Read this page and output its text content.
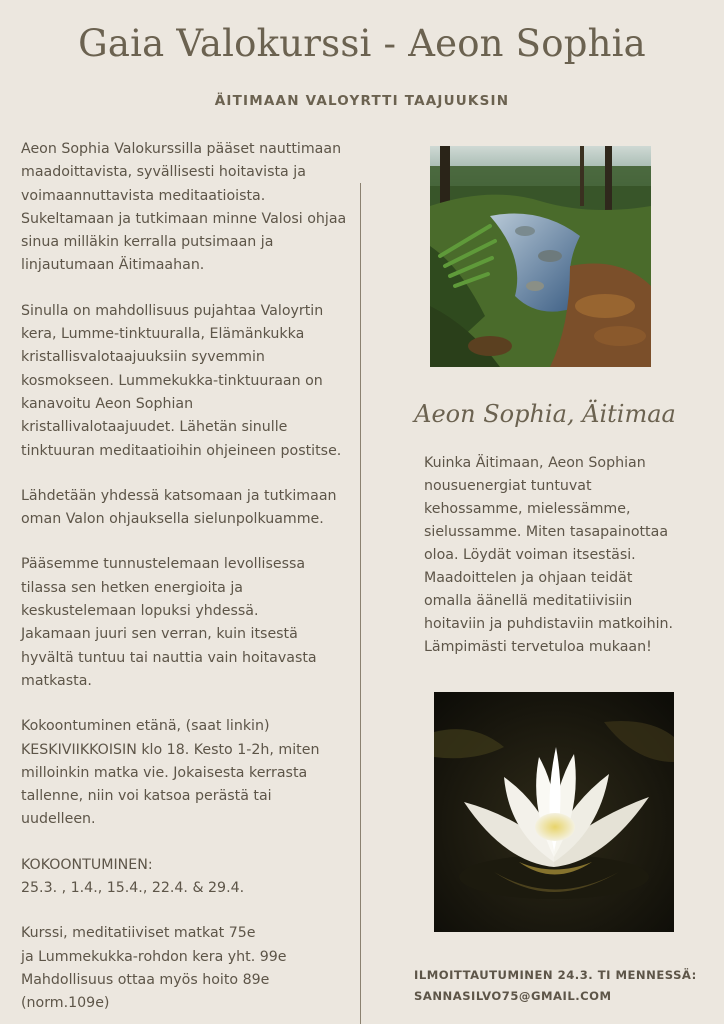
Gaia Valokurssi - Aeon Sophia
ÄITIMAAN VALOYRTTI TAAJUUKSIN

Aeon Sophia Valokurssilla pääset nauttimaan
maadoittavista, syvällisesti hoitavista ja
voimaannuttavista meditaatioista.
Sukeltamaan ja tutkimaan minne Valosi ohjaa
sinua milläkin kerralla putsimaan ja
linjautumaan Äitimaahan.

Sinulla on mahdollisuus pujahtaa Valoyrtin
kera, Lumme-tinktuuralla, Elämänkukka
kristallisvalotaajuuksiin syvemmin
kosmokseen. Lummekukka-tinktuuraan on
kanavoitu Aeon Sophian
kristallivalotaajuudet. Lähetän sinulle
tinktuuran meditaatioihin ohjeineen postitse.

Lähdetään yhdessä katsomaan ja tutkimaan
oman Valon ohjauksella sielunpolkuamme.

Pääsemme tunnustelemaan levollisessa
tilassa sen hetken energioita ja
keskustelemaan lopuksi yhdessä.
Jakamaan juuri sen verran, kuin itsestä
hyvältä tuntuu tai nauttia vain hoitavasta
matkasta.

Kokoontuminen etänä, (saat linkin)
KESKIVIIKKOISIN klo 18. Kesto 1-2h, miten
milloinkin matka vie. Jokaisesta kerrasta
tallenne, niin voi katsoa perästä tai
uudelleen.

KOKOONTUMINEN:
25.3. , 1.4., 15.4., 22.4. & 29.4.

Kurssi, meditatiiviset matkat 75e
ja Lummekukka-rohdon kera yht. 99e
Mahdollisuus ottaa myös hoito 89e
(norm.109e)

Aeon Sophia, Äitimaa
Kuinka Äitimaan, Aeon Sophian
nousuenergiat tuntuvat
kehossamme, mielessämme,
sielussamme. Miten tasapainottaa
oloa. Löydät voiman itsestäsi.
Maadoittelen ja ohjaan teidät
omalla äänellä meditatiivisiin
hoitaviin ja puhdistaviin matkoihin.
Lämpimästi tervetuloa mukaan!
ILMOITTAUTUMINEN 24.3. TI MENNESSÄ:
SANNASILVO75@GMAIL.COM
